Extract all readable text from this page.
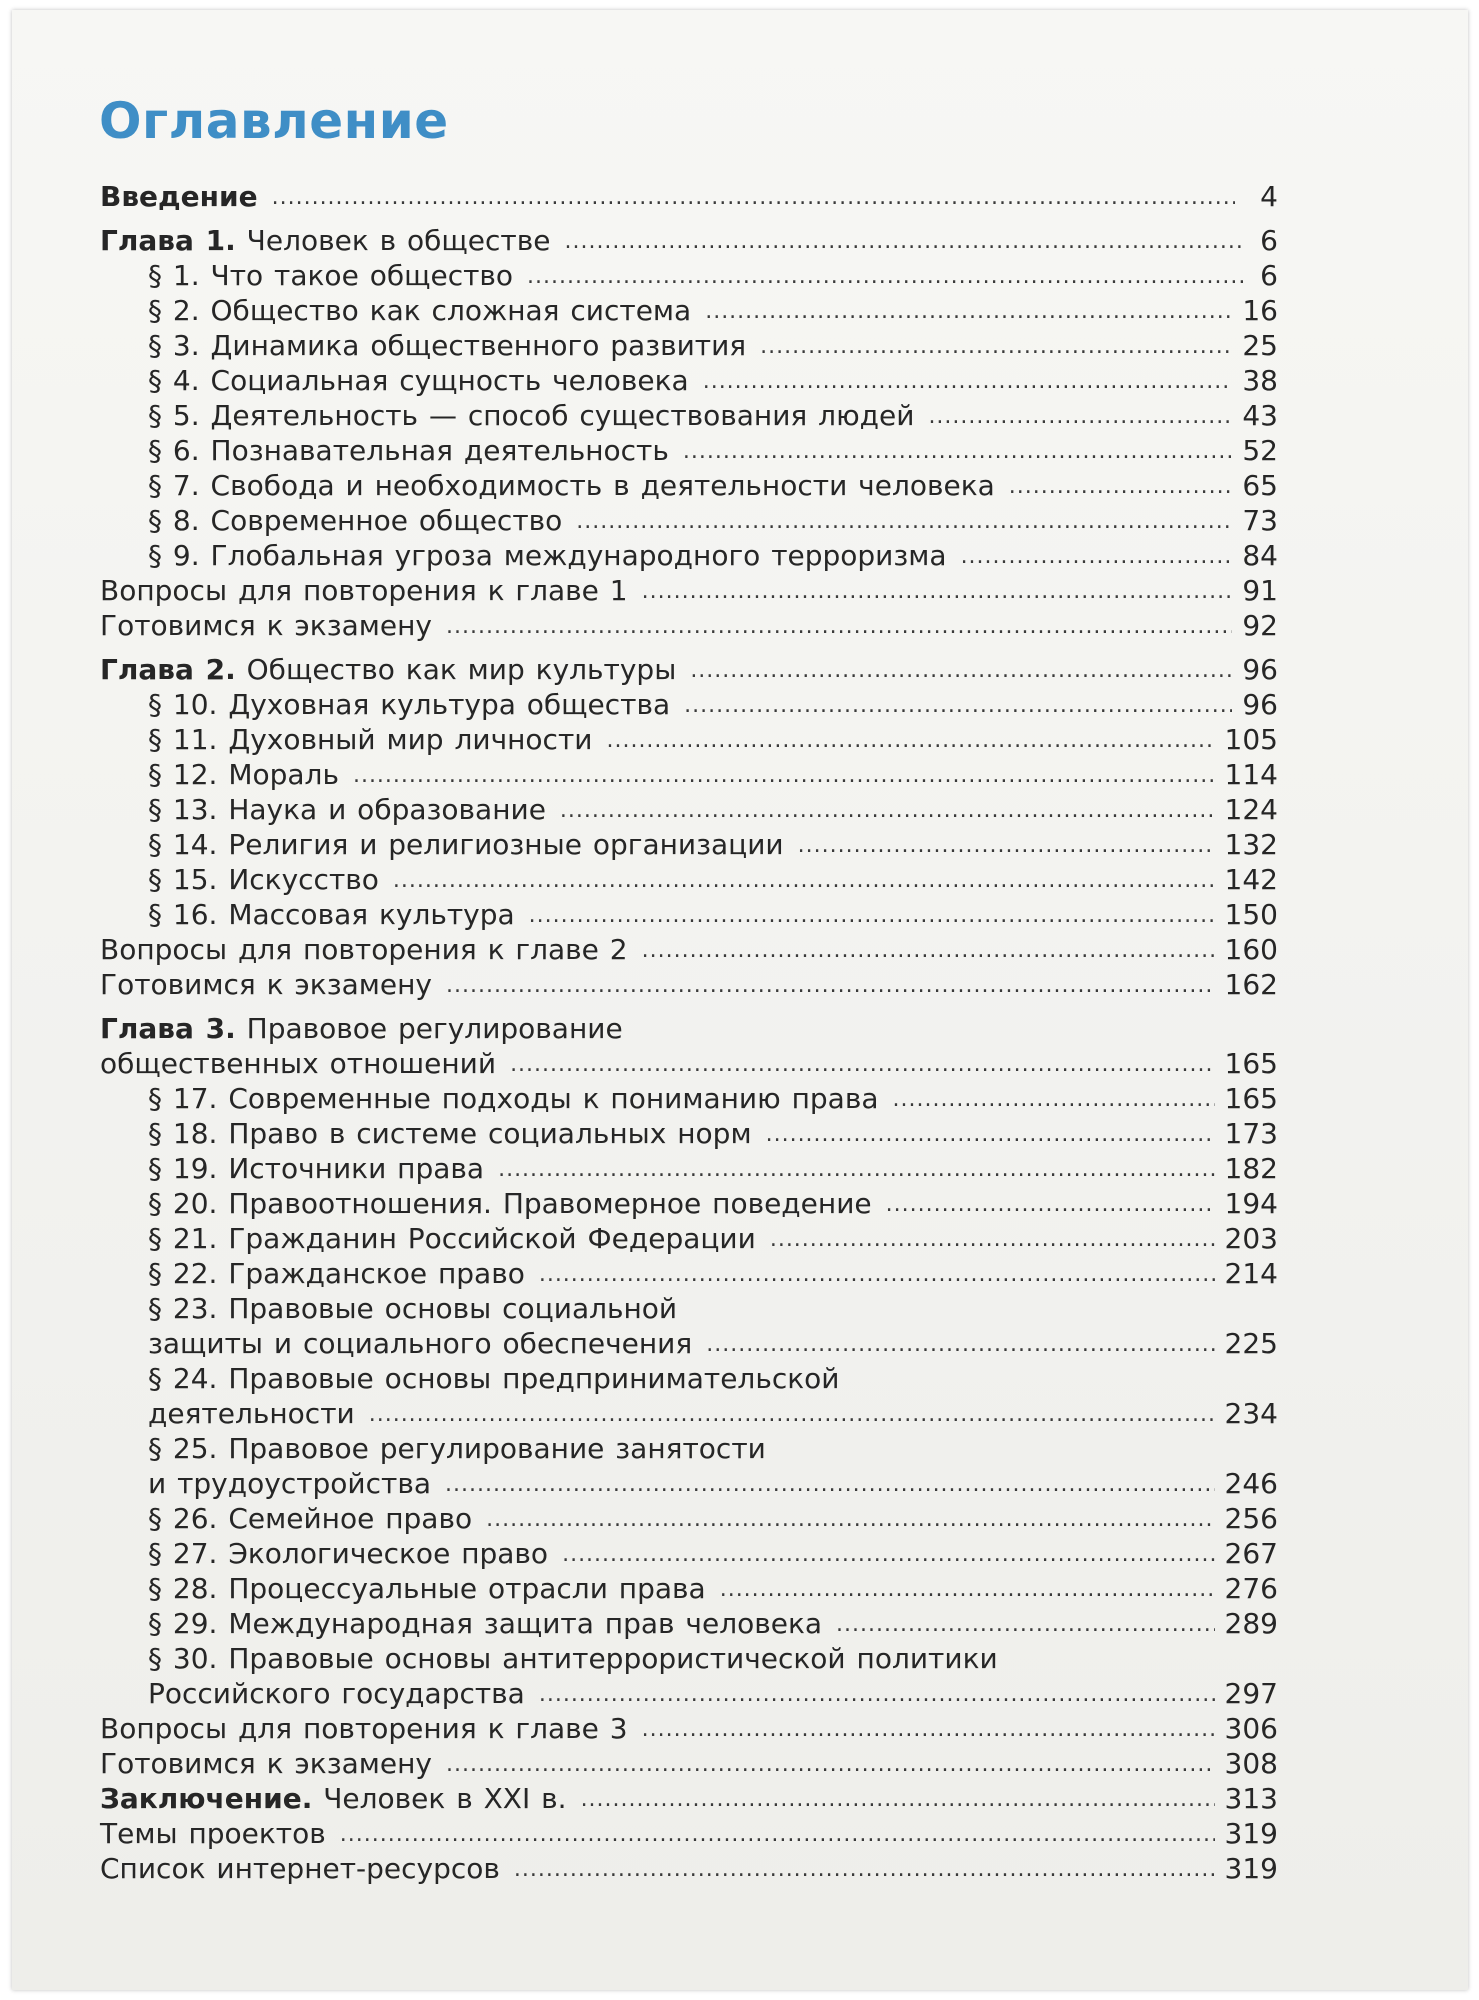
Оглавление
Введение .....	4
Глава 1. Человек в обществе .....	6
§ 1. Что такое общество .....	6
§ 2. Общество как сложная система .....	16
§ 3. Динамика общественного развития .....	25
§ 4. Социальная сущность человека .....	38
§ 5. Деятельность — способ существования людей .....	43
§ 6. Познавательная деятельность .....	52
§ 7. Свобода и необходимость в деятельности человека .....	65
§ 8. Современное общество .....	73
§ 9. Глобальная угроза международного терроризма .....	84
Вопросы для повторения к главе 1 .....	91
Готовимся к экзамену .....	92
Глава 2. Общество как мир культуры .....	96
§ 10. Духовная культура общества .....	96
§ 11. Духовный мир личности .....	105
§ 12. Мораль .....	114
§ 13. Наука и образование .....	124
§ 14. Религия и религиозные организации .....	132
§ 15. Искусство .....	142
§ 16. Массовая культура .....	150
Вопросы для повторения к главе 2 .....	160
Готовимся к экзамену .....	162
Глава 3. Правовое регулирование
общественных отношений .....	165
§ 17. Современные подходы к пониманию права .....	165
§ 18. Право в системе социальных норм .....	173
§ 19. Источники права .....	182
§ 20. Правоотношения. Правомерное поведение .....	194
§ 21. Гражданин Российской Федерации .....	203
§ 22. Гражданское право .....	214
§ 23. Правовые основы социальной
защиты и социального обеспечения .....	225
§ 24. Правовые основы предпринимательской
деятельности .....	234
§ 25. Правовое регулирование занятости
и трудоустройства .....	246
§ 26. Семейное право .....	256
§ 27. Экологическое право .....	267
§ 28. Процессуальные отрасли права .....	276
§ 29. Международная защита прав человека .....	289
§ 30. Правовые основы антитеррористической политики
Российского государства .....	297
Вопросы для повторения к главе 3 .....	306
Готовимся к экзамену .....	308
Заключение. Человек в XXI в. .....	313
Темы проектов .....	319
Список интернет-ресурсов .....	319
